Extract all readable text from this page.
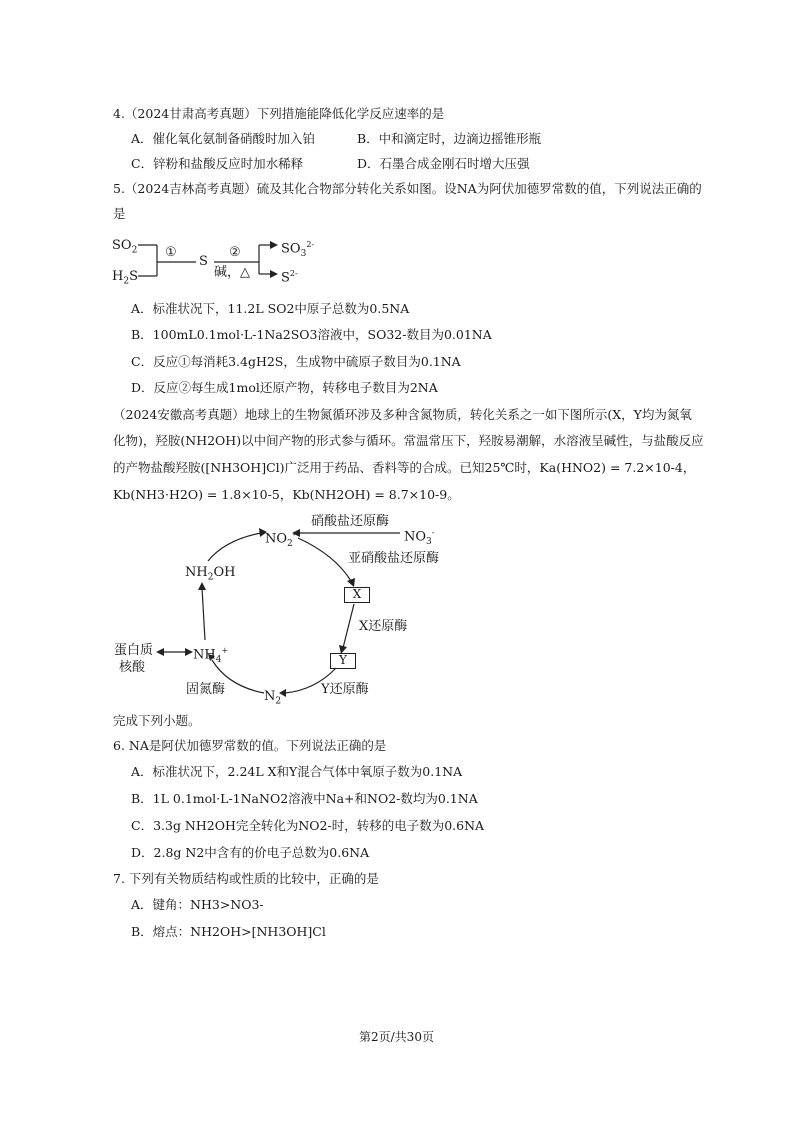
4.（2024甘肃高考真题）下列措施能降低化学反应速率的是
A．催化氧化氨制备硝酸时加入铂	B．中和滴定时，边滴边摇锥形瓶
C．锌粉和盐酸反应时加水稀释	D．石墨合成金刚石时增大压强
5.（2024吉林高考真题）硫及其化合物部分转化关系如图。设NA为阿伏加德罗常数的值，下列说法正确的
是
$SO_2$
$H_2S$
①
S
②
碱，△
$SO_3^{2-}$
$S^{2-}$
A．标准状况下，11.2L SO2中原子总数为0.5NA
B．100mL0.1mol·L-1Na2SO3溶液中，SO32-数目为0.01NA
C．反应①每消耗3.4gH2S，生成物中硫原子数目为0.1NA
D．反应②每生成1mol还原产物，转移电子数目为2NA
（2024安徽高考真题）地球上的生物氮循环涉及多种含氮物质，转化关系之一如下图所示(X，Y均为氮氧
化物)，羟胺(NH2OH)以中间产物的形式参与循环。常温常压下，羟胺易潮解，水溶液呈碱性，与盐酸反应
的产物盐酸羟胺([NH3OH]Cl)广泛用于药品、香料等的合成。已知25℃时，Ka(HNO2) = 7.2×10-4，
Kb(NH3·H2O) = 1.8×10-5，Kb(NH2OH) = 8.7×10-9。
$NO_2^-$	$NO_3^-$
硝酸盐还原酶
亚硝酸盐还原酶
X
X还原酶
Y
Y还原酶
$N_2$
固氮酶
$NH_4^+$
$NH_2OH$
蛋白质
核酸
完成下列小题。
6. NA是阿伏加德罗常数的值。下列说法正确的是
A．标准状况下，2.24L X和Y混合气体中氧原子数为0.1NA
B．1L 0.1mol·L-1NaNO2溶液中Na+和NO2-数均为0.1NA
C．3.3g NH2OH完全转化为NO2-时，转移的电子数为0.6NA
D．2.8g N2中含有的价电子总数为0.6NA
7. 下列有关物质结构或性质的比较中，正确的是
A．键角：NH3>NO3-
B．熔点：NH2OH>[NH3OH]Cl
第2页/共30页
